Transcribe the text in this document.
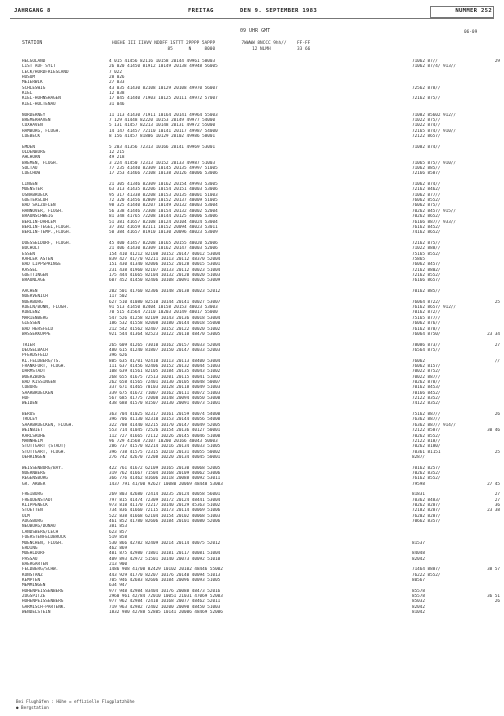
JAHRGANG 8	FREITAG	DEN 9. SEPTEMBER 1983	NUMMER 252
09 UHR GMT	06-09
STATION	HOEHE III IIHVV NDDFF 1STTT 2PPPP 5APPP          7WWWW 8NCCC 9hh//    FF-FF
85      N     8000              12 NLMH          33 66
HELGOLAND	4 015 41456 82116 10158 20144 49961 58003	71062 87//	29
LIST AUF SYLT	26 020 41450 81912 10149 20138 49948 56005	71062 87/4/ 913//
LECK/HORDFRIESLAND	7 022
HUSUM	28 026
MEIERWIK	27 033
SCHLESWIG	43 035 41430 82108 10129 20108 49970 56007	72562 878//
KIEL	12 038
KIEL-HOHNSHAGEN	17 045 41440 71903 10125 20111 49972 57007	72162 875//
KIEL-HOLTENAU	31 046
NORDERNEY	11 113 41430 71911 10164 20141 49964 55003	71082 85602 912//
BREMERHAVEN	7 129 41448 82220 10153 20149 49977 54000	71022 875//
CUXHAVEN	5 131 41457 82213 10148 20131 49972 55000	71022 874//
HAMBURG, FLUGH.	14 147 41457 72110 10141 20117 49987 54000	72165 874// 910//
LUEBECK	8 156 41457 81806 10129 20102 49986 58001	72122 8657/
EMDEN	5 203 41356 72313 10166 20141 49969 53001	71082 874//
OLDENBURG	12 215
AHLHORN	49 218
BREMEN, FLUGH.	3 224 41450 72313 10152 20133 49987 51003	71065 875// 910//
SOLTAU	77 235 41440 82309 10145 20135 49997 51005	71062 885//
LUECHOW	17 253 41466 72108 10138 20126 40006 53006	72166 8587/
LINGEN	21 305 41346 82309 10162 20154 49993 53005	71062 874//
MUENSTER	63 313 41435 82206 10154 20151 40003 53006	72162 8462/
OSNABRUECK	95 317 41338 82208 10153 20135 40001 51003	71062 877//
GUETERSLOH	72 320 41456 82009 10152 20137 40009 51005	76062 8552/
BAD SALZUFLEN	98 325 41440 82207 10149 20132 40003 53004	76062 875//
HANNOVER, FLUGH.	56 338 41446 72308 10154 20132 40002 52004	70262 8457/ 915//
BRAUNSCHWEIG	81 348 41765 72208 10144 20125 40006 53006	70262 8652/
BERLIN-DAHLEM	51 381 41657 82108 10124 20104 40024 53004	76166 887// 933//
BERLIN-TEGEL,FLUGH.	37 382 41659 82111 10152 20094 40023 53011	76162 8452/
BERLIN-TEMP.,FLUGH.	50 384 41657 81910 10130 20096 40023 53009	74162 8652/
DUESSELDORF, FLUGH.	45 400 41457 82208 10165 20155 40020 52006	72162 875//
BOCHOLT	21 406 41430 82309 10162 20147 40003 52006	71022 888//
ESSEN	154 410 41212 82108 10152 20147 40012 53004	75165 8552/
KAHLER ASTEN	839 427 41//0 92211 10113 20112 48370 52004	75865
BAD LIPPSPRINGE	151 430 41340 82006 10152 20128 40015 53001	76062 8457/
KASSEL	231 438 41960 82107 10133 20112 40023 51004	72162 8802/
GOETTINGEN	175 444 41665 82104 10132 20120 40020 51003	72162 8552/
BRAUNLAGE	607 452 41450 82406 10108 20091 40026 53009	76166 8657/
AACHEN	202 501 41760 82306 10148 20138 40023 52012	70162 885//
NOERVENICH	117 502
NUERBURG	627 510 41080 82510 10144 20141 40027 53007	76064 8722/	25
KOELN/BONN, FLUGH.	91 513 41450 82404 10158 20153 40023 53003	76162 8657/ 912//
KOBLENZ	70 515 41564 72110 10203 20149 40017 55000	70162 872//
MARIENBERG	547 526 41258 82109 10143 20136 40018 53004	75165 877//
GIESSEN	186 532 41558 82008 10180 20144 40018 55000	76062 876//
BAD HERSFELD	212 542 41562 82407 10152 20122 40020 51002	76162 878//
WASSERKUPPE	921 544 41364 82523 10122 20110 48470 53005	76064 8750/	23 34
TRIER	265 609 41265 73010 10162 20157 40033 52004	78086 873//	27
DEUSELBACH	480 615 41240 81807 10150 20147 40033 52003	76564 875//
PFERDSFELD	396 626
KL.FELDBERG/TS.	805 635 41/01 92410 10113 20113 48400 53004	76062	//
FRANKFURT, FLUGH.	111 637 41456 82406 10152 20132 40044 51003	76062 8157/
DARMSTADT	108 639 41561 82105 10184 20135 40043 51002	70022 8752/
WUERZBURG	268 655 41675 72513 10201 20115 40041 51002	70022 887//
BAD KISSINGEN	262 658 41565 72401 10130 20105 40048 50007	70262 878//
COBURG	337 671 41465 70103 10128 20118 40049 51003	70162 8453/
SAARBRUECKEN	339 675 41672 71007 10162 20111 40072 51003	70166 8452/
HOF	567 685 41775 72008 10148 20094 40050 53000	72122 8352/
WEIDEN	438 688 41570 81507 10130 20091 40073 51001	74122 8352/
BERUS	363 704 41025 82317 10161 20159 40074 54000	75162 887//	26
TROLEY	396 706 41130 82310 10153 20144 40056 54000	76362 887//
SAARBRUECKEN, FLUGH.	322 708 41440 82215 10170 20147 40049 52005	76362 887// 914//
WEINBIET	553 714 41045 72526 10154 20136 40127 50001	72122 8587/	30 46
KARLSRUHE	112 727 41665 72112 10226 20145 40046 51000	70262 8552/
MANNHEIM	96 729 41568 72107 10200 20166 40043 50003	72122 818//
STUTTGART (STADT)	286 737 41570 82214 10216 20134 40033 51005	70262 8180/
STUTTGART, FLUGH.	396 738 41575 72315 10210 20131 40055 50002	70361 81151	25
OEHRINGEN	276 742 42670 72208 10220 20134 40045 50001	8287/
WEISSENBURG/BAY.	422 761 41672 62109 10165 20130 40068 52005	70162 8257/
NUERNBERG	319 762 41667 71504 10168 20109 40062 53006	70262 8352/
REGENSBURG	366 776 41462 81606 10118 20088 40092 53011	76162 8552/
GR. ARBER	1437 791 41/00 92627 10080 20069 48448 53003	79598	27 45
FREIBURG	269 803 42680 72414 10235 20124 40058 56001	81831	27
FREUDENSTADT	797 815 41474 72309 10172 20124 48441 53004	70362 8483/	27
KLIPPENECK	973 818 41170 72217 10140 20129 45363 51002	70262 8287/	36
STOETTEN	734 836 41660 72115 10173 20114 40069 51006	72182 8287/	23 38
ULM	522 838 41668 62104 10154 20102 40068 51003	76202 8287/
AUGSBURG	461 852 41780 82606 10184 20101 40080 52006	70662 8357/
NEUBURG/DONAU	381 853
LANDSBERG/LECH	623 857
FUERSTENFELDBRUCK	519 858
MUENCHEN, FLUGH.	530 866 42782 82409 10214 20114 40075 52012	81537
ERDING	462 869
MUEHLDORF	401 875 42980 71801 10181 20117 40081 51004	84048
PASSAU	409 893 42972 51501 10140 20073 40092 51010	82042
BAERGARTEN	213 900
FELDBERG/SCHW.	1486 908 41/00 82429 10102 20102 48446 55002	71464 8887/	38 57
KONSTANZ	443 929 41770 82207 10176 20140 40094 51013	76222 8552/
KEMPTEN	705 946 42683 82606 10184 20096 40093 51005	80567
MEMMINGEN	634 947
HOHENPEISSENBERG	977 948 42984 83404 10176 20088 48473 52016	85578
ZUGSPITZE	2960 961 42/84 72010 10051 21031 47069 52003	85578	36 51
HOHENPEISSENBERG	977 962 42984 72410 10168 20077 48462 52011	85032	26
GARMISCH-PARTENK.	719 963 42982 72402 10200 20090 48450 51003	82042
WENDELSTEIN	1832 980 42788 52805 10141 20006 48469 52006	81042
Bei Flughäfen : Höhe = effizielle Flugplatzhöhe
● Bergstation
